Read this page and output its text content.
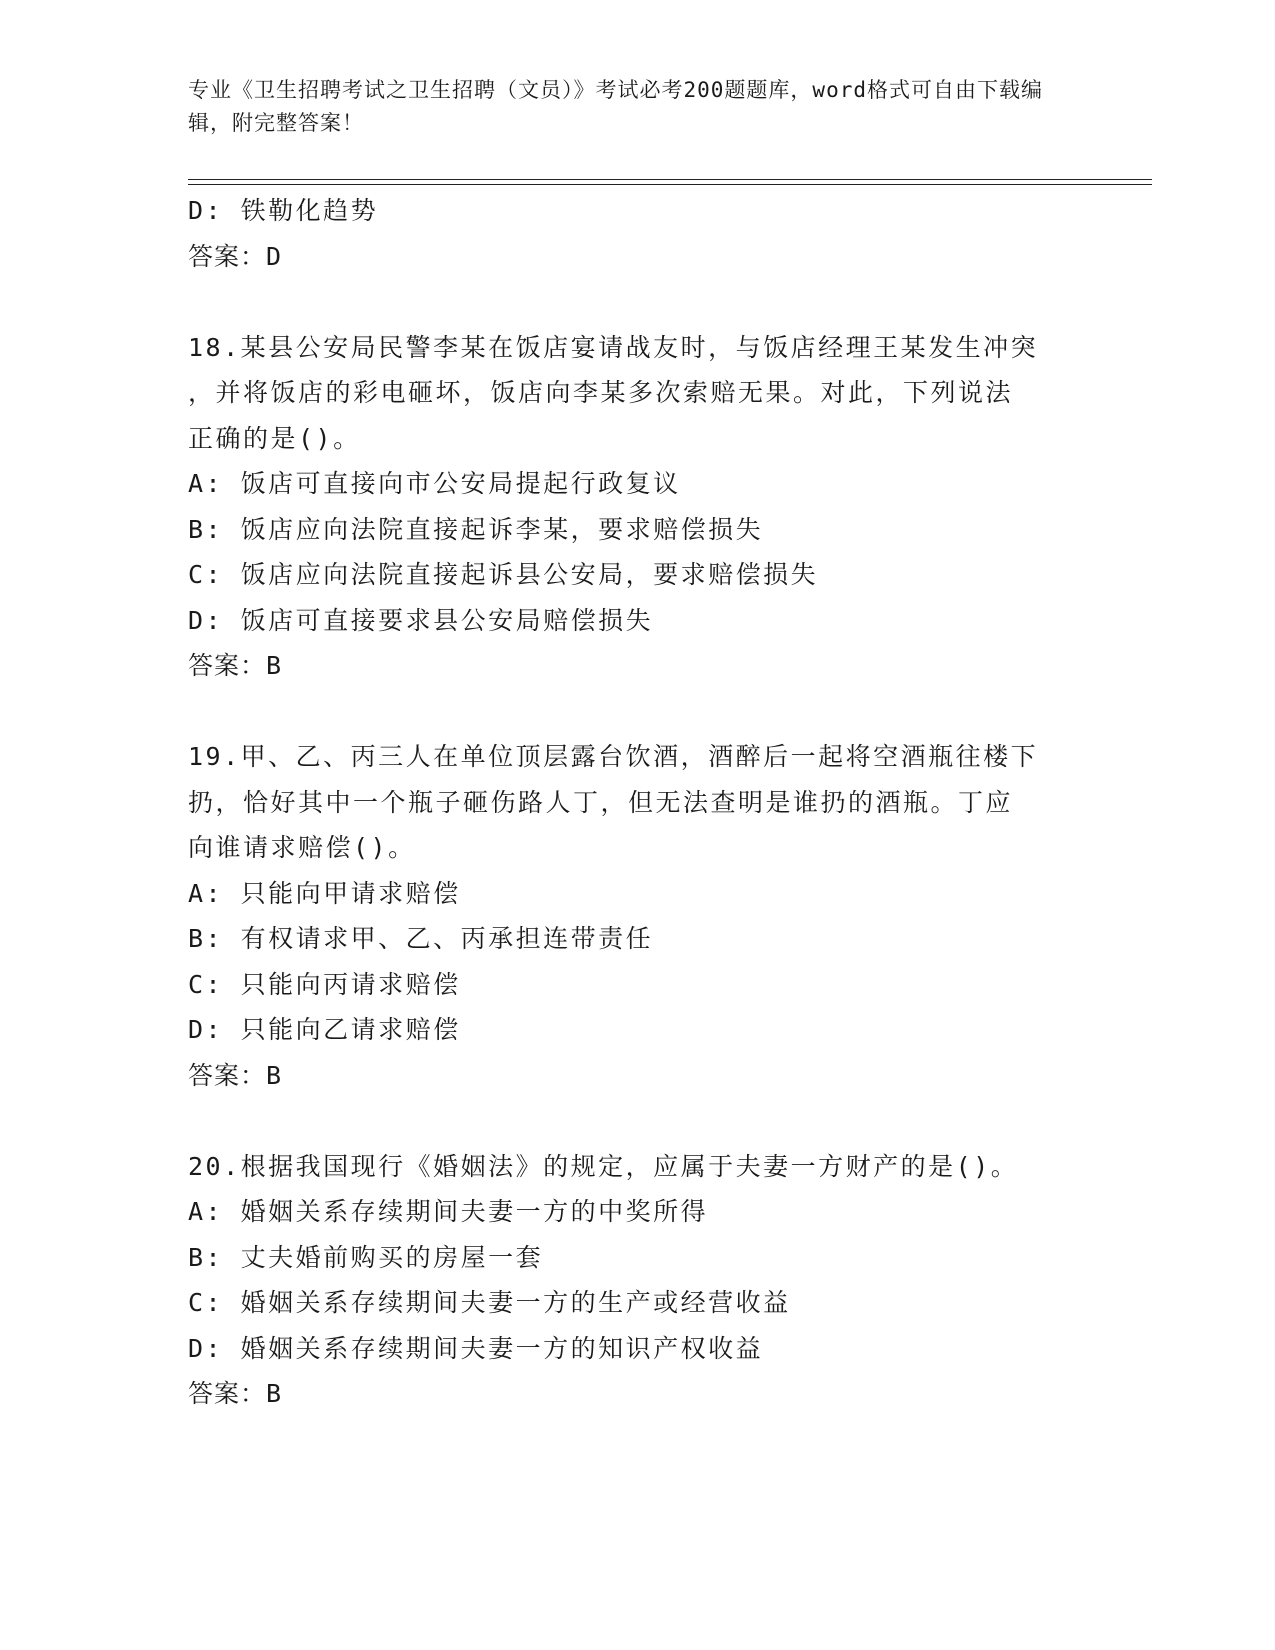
专业《卫生招聘考试之卫生招聘（文员）》考试必考200题题库，word格式可自由下载编辑，附完整答案！
D: 铁勒化趋势
答案：D
18.某县公安局民警李某在饭店宴请战友时，与饭店经理王某发生冲突
，并将饭店的彩电砸坏，饭店向李某多次索赔无果。对此，下列说法
正确的是()。
A: 饭店可直接向市公安局提起行政复议
B: 饭店应向法院直接起诉李某，要求赔偿损失
C: 饭店应向法院直接起诉县公安局，要求赔偿损失
D: 饭店可直接要求县公安局赔偿损失
答案：B
19.甲、乙、丙三人在单位顶层露台饮酒，酒醉后一起将空酒瓶往楼下
扔，恰好其中一个瓶子砸伤路人丁，但无法查明是谁扔的酒瓶。丁应
向谁请求赔偿()。
A: 只能向甲请求赔偿
B: 有权请求甲、乙、丙承担连带责任
C: 只能向丙请求赔偿
D: 只能向乙请求赔偿
答案：B
20.根据我国现行《婚姻法》的规定，应属于夫妻一方财产的是()。
A: 婚姻关系存续期间夫妻一方的中奖所得
B: 丈夫婚前购买的房屋一套
C: 婚姻关系存续期间夫妻一方的生产或经营收益
D: 婚姻关系存续期间夫妻一方的知识产权收益
答案：B
